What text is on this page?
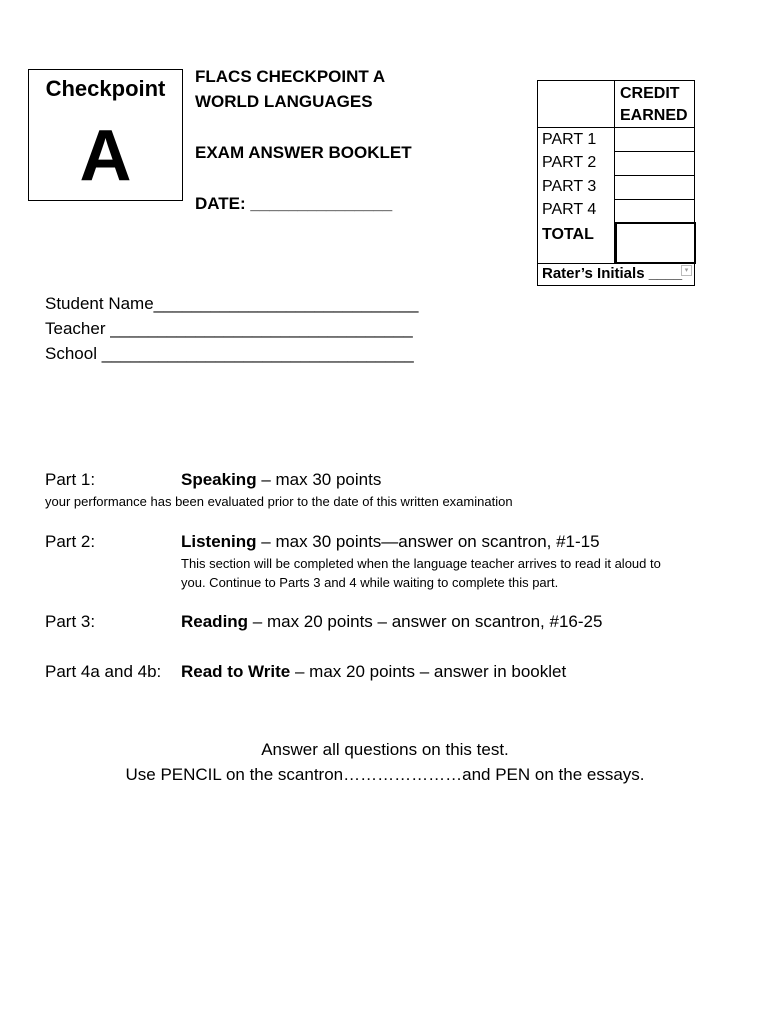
Checkpoint
A
FLACS CHECKPOINT A
WORLD LANGUAGES
EXAM ANSWER BOOKLET
DATE: _______________
CREDIT
EARNED
PART 1
PART 2
PART 3
PART 4
TOTAL
Rater’s Initials ____ ▾
Student Name____________________________
Teacher ________________________________
School _________________________________
Part 1:	Speaking – max 30 points
your performance has been evaluated prior to the date of this written examination
Part 2:	Listening – max 30 points—answer on scantron, #1-15
This section will be completed when the language teacher arrives to read it aloud to
you. Continue to Parts 3 and 4 while waiting to complete this part.
Part 3:	Reading – max 20 points – answer on scantron, #16-25
Part 4a and 4b: Read to Write – max 20 points – answer in booklet
Answer all questions on this test.
Use PENCIL on the scantron…………………and PEN on the essays.
